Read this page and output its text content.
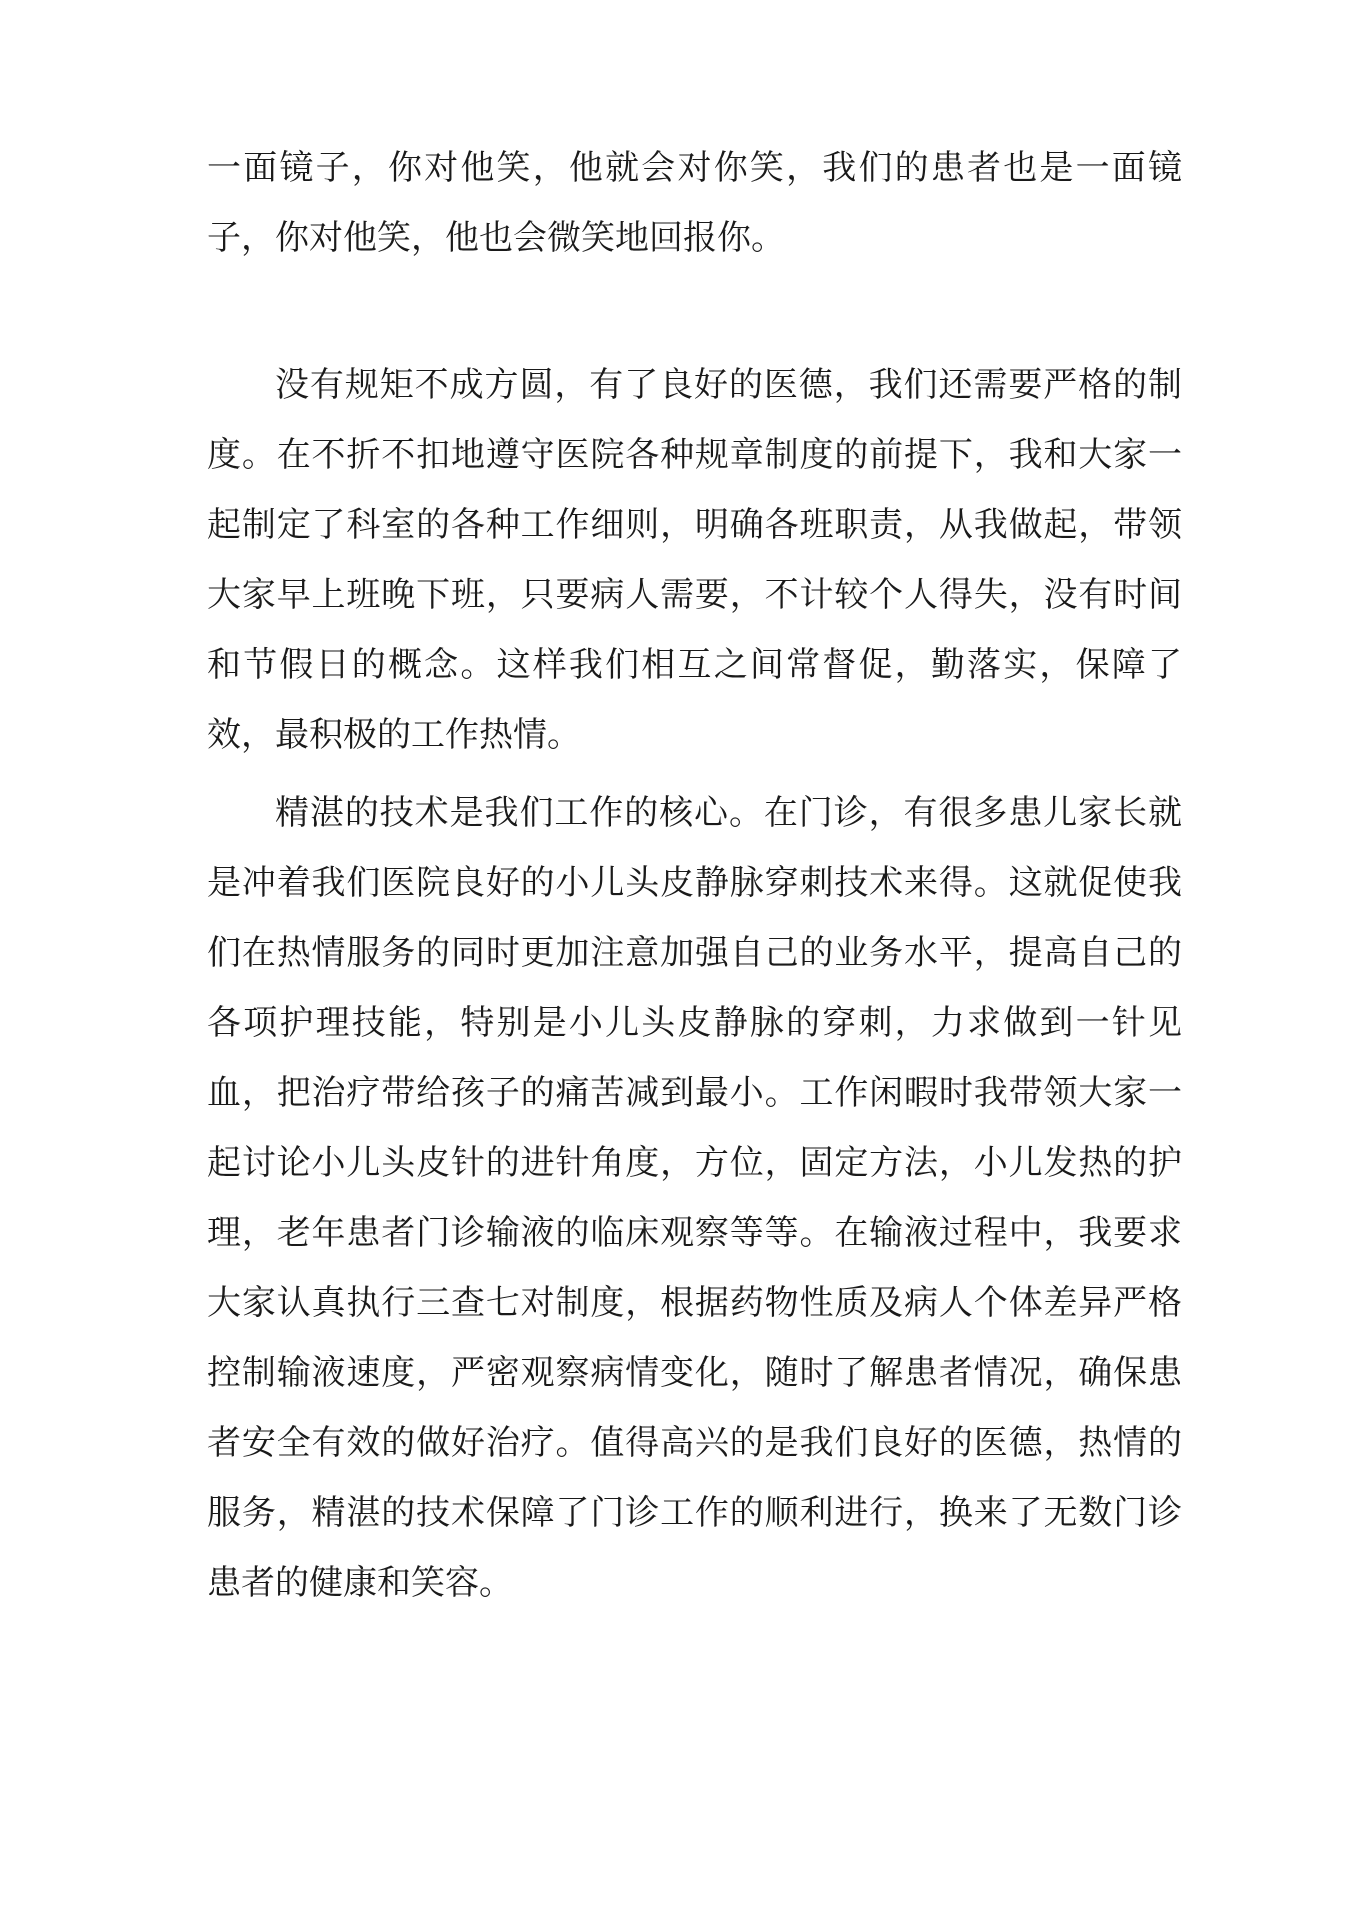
一面镜子，你对他笑，他就会对你笑，我们的患者也是一面镜子，你对他笑，他也会微笑地回报你。

没有规矩不成方圆，有了良好的医德，我们还需要严格的制度。在不折不扣地遵守医院各种规章制度的前提下，我和大家一起制定了科室的各种工作细则，明确各班职责，从我做起，带领大家早上班晚下班，只要病人需要，不计较个人得失，没有时间和节假日的概念。这样我们相互之间常督促，勤落实，保障了效，最积极的工作热情。

精湛的技术是我们工作的核心。在门诊，有很多患儿家长就是冲着我们医院良好的小儿头皮静脉穿刺技术来得。这就促使我们在热情服务的同时更加注意加强自己的业务水平，提高自己的各项护理技能，特别是小儿头皮静脉的穿刺，力求做到一针见血，把治疗带给孩子的痛苦减到最小。工作闲暇时我带领大家一起讨论小儿头皮针的进针角度，方位，固定方法，小儿发热的护理，老年患者门诊输液的临床观察等等。在输液过程中，我要求大家认真执行三查七对制度，根据药物性质及病人个体差异严格控制输液速度，严密观察病情变化，随时了解患者情况，确保患者安全有效的做好治疗。值得高兴的是我们良好的医德，热情的服务，精湛的技术保障了门诊工作的顺利进行，换来了无数门诊患者的健康和笑容。
